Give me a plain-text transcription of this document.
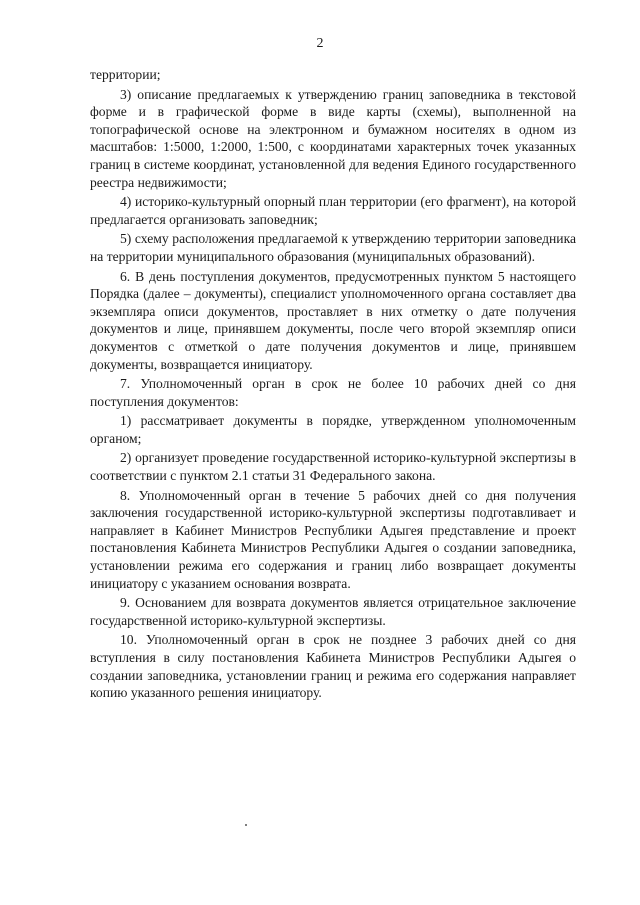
2

территории;

3) описание предлагаемых к утверждению границ заповедника в текстовой форме и в графической форме в виде карты (схемы), выполненной на топографической основе на электронном и бумажном носителях в одном из масштабов: 1:5000, 1:2000, 1:500, с координатами характерных точек указанных границ в системе координат, установленной для ведения Единого государственного реестра недвижимости;

4) историко-культурный опорный план территории (его фрагмент), на которой предлагается организовать заповедник;

5) схему расположения предлагаемой к утверждению территории заповедника на территории муниципального образования (муниципальных образований).

6. В день поступления документов, предусмотренных пунктом 5 настоящего Порядка (далее – документы), специалист уполномоченного органа составляет два экземпляра описи документов, проставляет в них отметку о дате получения документов и лице, принявшем документы, после чего второй экземпляр описи документов с отметкой о дате получения документов и лице, принявшем документы, возвращается инициатору.

7. Уполномоченный орган в срок не более 10 рабочих дней со дня поступления документов:

1) рассматривает документы в порядке, утвержденном уполномоченным органом;

2) организует проведение государственной историко-культурной экспертизы в соответствии с пунктом 2.1 статьи 31 Федерального закона.

8. Уполномоченный орган в течение 5 рабочих дней со дня получения заключения государственной историко-культурной экспертизы подготавливает и направляет в Кабинет Министров Республики Адыгея представление и проект постановления Кабинета Министров Республики Адыгея о создании заповедника, установлении режима его содержания и границ либо возвращает документы инициатору с указанием основания возврата.

9. Основанием для возврата документов является отрицательное заключение государственной историко-культурной экспертизы.

10. Уполномоченный орган в срок не позднее 3 рабочих дней со дня вступления в силу постановления Кабинета Министров Республики Адыгея о создании заповедника, установлении границ и режима его содержания направляет копию указанного решения инициатору.
